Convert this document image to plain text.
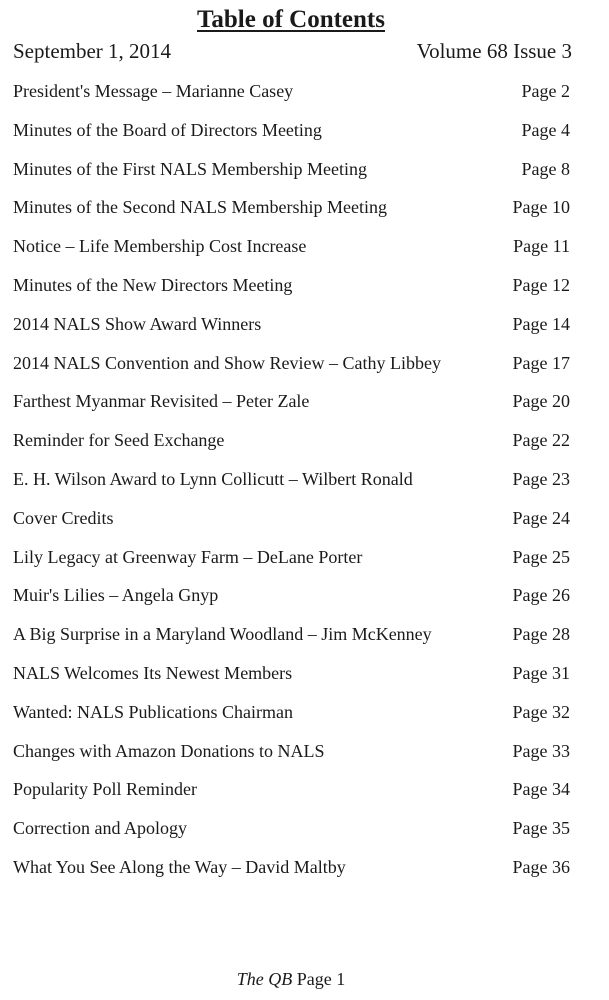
Table of Contents
September 1, 2014	Volume 68 Issue 3
President's Message – Marianne Casey	Page 2
Minutes of the Board of Directors Meeting	Page 4
Minutes of the First NALS Membership Meeting	Page 8
Minutes of the Second NALS Membership Meeting	Page 10
Notice – Life Membership Cost Increase	Page 11
Minutes of the New Directors Meeting	Page 12
2014 NALS Show Award Winners	Page 14
2014 NALS Convention and Show Review – Cathy Libbey	Page 17
Farthest Myanmar Revisited – Peter Zale	Page 20
Reminder for Seed Exchange	Page 22
E. H. Wilson Award to Lynn Collicutt – Wilbert Ronald	Page 23
Cover Credits	Page 24
Lily Legacy at Greenway Farm – DeLane Porter	Page 25
Muir's Lilies – Angela Gnyp	Page 26
A Big Surprise in a Maryland Woodland – Jim McKenney	Page 28
NALS Welcomes Its Newest Members	Page 31
Wanted: NALS Publications Chairman	Page 32
Changes with Amazon Donations to NALS	Page 33
Popularity Poll Reminder	Page 34
Correction and Apology	Page 35
What You See Along the Way – David Maltby	Page 36
The QB Page 1
